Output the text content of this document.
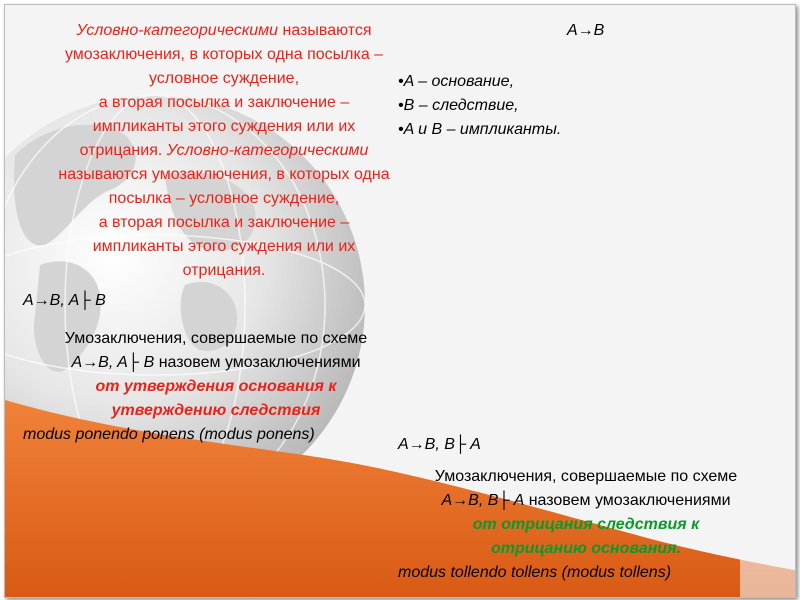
Условно-категорическими называются
умозаключения, в которых одна посылка –
условное суждение,
а вторая посылка и заключение –
импликанты этого суждения или их
отрицания. Условно-категорическими
называются умозаключения, в которых одна
посылка – условное суждение,
а вторая посылка и заключение –
импликанты этого суждения или их
отрицания.
A→B, A├ B
A→B
•A – основание,
•B – следствие,
•A и B – импликанты.
Умозаключения, совершаемые по схеме
A→B, A├ B назовем умозаключениями
от утверждения основания к
утверждению следствия
modus ponendo ponens (modus ponens)
A→B, B├ A
Умозаключения, совершаемые по схеме
A→B, B├ A назовем умозаключениями
от отрицания следствия к
отрицанию основания.
modus tollendo tollens (modus tollens)
